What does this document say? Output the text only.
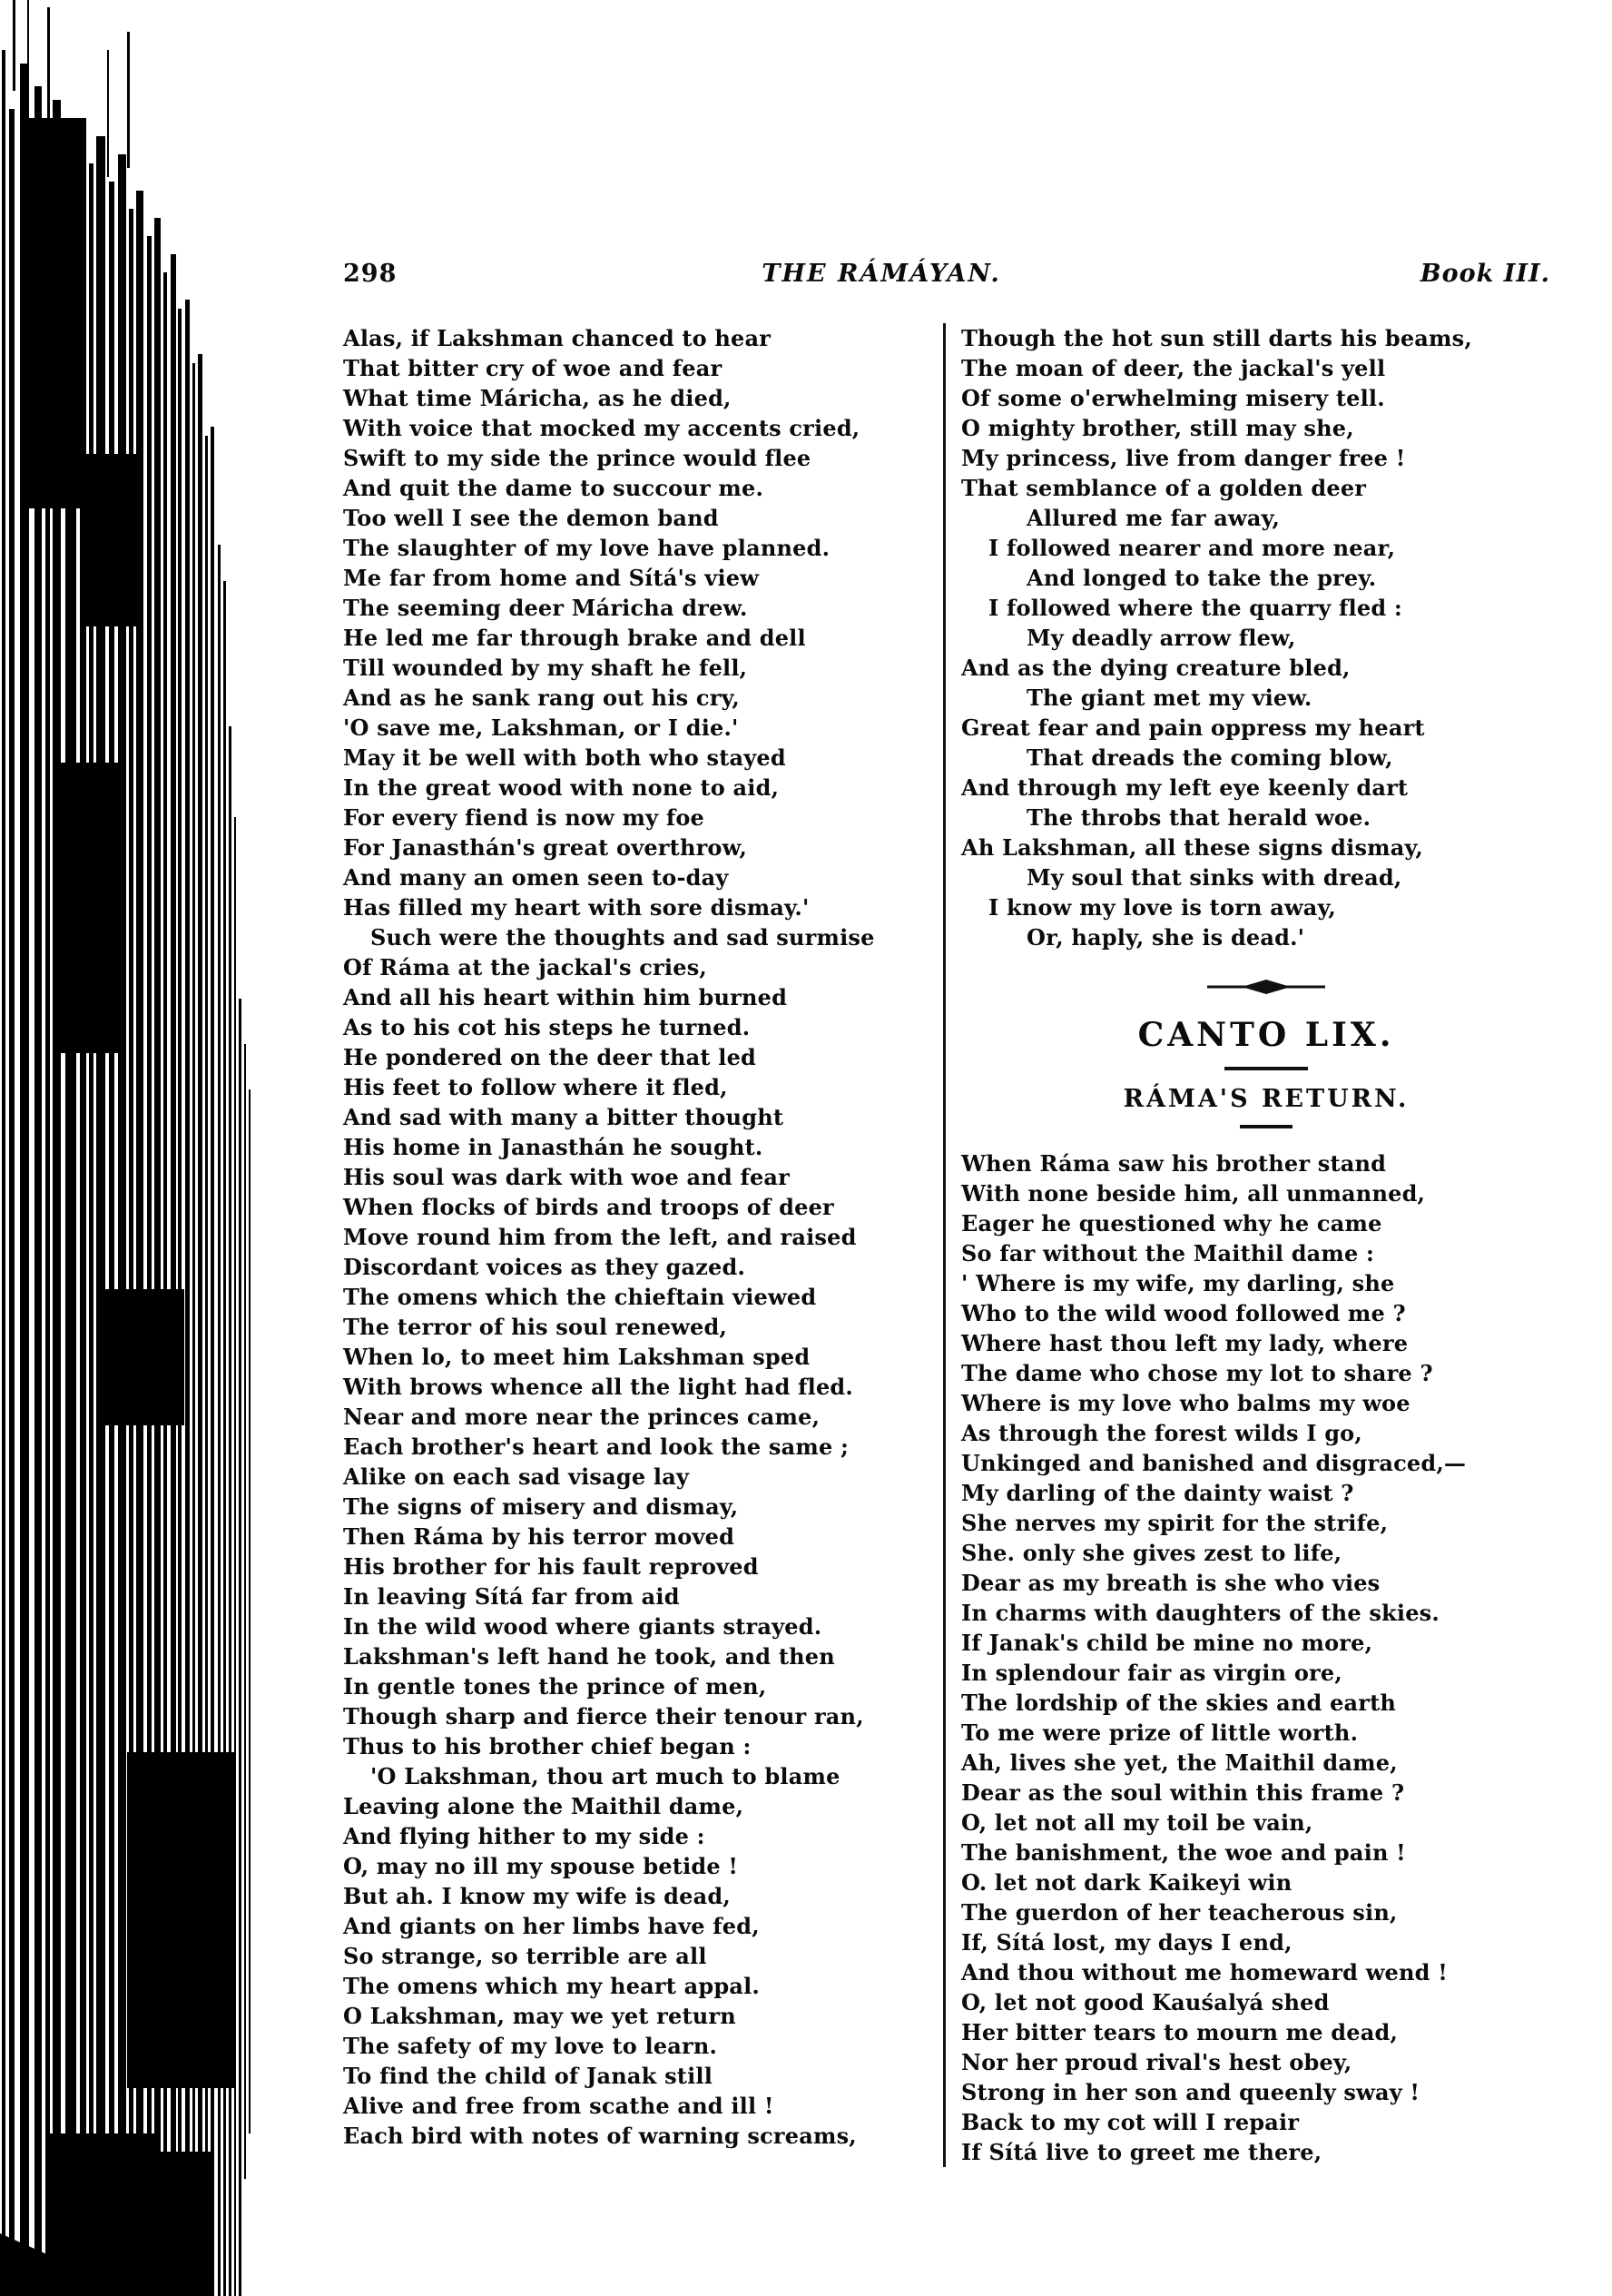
298	THE RÁMÁYAN.	Book III.
Alas, if Lakshman chanced to hear
That bitter cry of woe and fear
What time Máricha, as he died,
With voice that mocked my accents cried,
Swift to my side the prince would flee
And quit the dame to succour me.
Too well I see the demon band
The slaughter of my love have planned.
Me far from home and Sítá's view
The seeming deer Máricha drew.
He led me far through brake and dell
Till wounded by my shaft he fell,
And as he sank rang out his cry,
'O save me, Lakshman, or I die.'
May it be well with both who stayed
In the great wood with none to aid,
For every fiend is now my foe
For Janasthán's great overthrow,
And many an omen seen to-day
Has filled my heart with sore dismay.'
Such were the thoughts and sad surmise
Of Ráma at the jackal's cries,
And all his heart within him burned
As to his cot his steps he turned.
He pondered on the deer that led
His feet to follow where it fled,
And sad with many a bitter thought
His home in Janasthán he sought.
His soul was dark with woe and fear
When flocks of birds and troops of deer
Move round him from the left, and raised
Discordant voices as they gazed.
The omens which the chieftain viewed
The terror of his soul renewed,
When lo, to meet him Lakshman sped
With brows whence all the light had fled.
Near and more near the princes came,
Each brother's heart and look the same ;
Alike on each sad visage lay
The signs of misery and dismay,
Then Ráma by his terror moved
His brother for his fault reproved
In leaving Sítá far from aid
In the wild wood where giants strayed.
Lakshman's left hand he took, and then
In gentle tones the prince of men,
Though sharp and fierce their tenour ran,
Thus to his brother chief began :
'O Lakshman, thou art much to blame
Leaving alone the Maithil dame,
And flying hither to my side :
O, may no ill my spouse betide !
But ah. I know my wife is dead,
And giants on her limbs have fed,
So strange, so terrible are all
The omens which my heart appal.
O Lakshman, may we yet return
The safety of my love to learn.
To find the child of Janak still
Alive and free from scathe and ill !
Each bird with notes of warning screams,
Though the hot sun still darts his beams,
The moan of deer, the jackal's yell
Of some o'erwhelming misery tell.
O mighty brother, still may she,
My princess, live from danger free !
That semblance of a golden deer
Allured me far away,
I followed nearer and more near,
And longed to take the prey.
I followed where the quarry fled :
My deadly arrow flew,
And as the dying creature bled,
The giant met my view.
Great fear and pain oppress my heart
That dreads the coming blow,
And through my left eye keenly dart
The throbs that herald woe.
Ah Lakshman, all these signs dismay,
My soul that sinks with dread,
I know my love is torn away,
Or, haply, she is dead.'
CANTO LIX.
RÁMA'S RETURN.
When Ráma saw his brother stand
With none beside him, all unmanned,
Eager he questioned why he came
So far without the Maithil dame :
' Where is my wife, my darling, she
Who to the wild wood followed me ?
Where hast thou left my lady, where
The dame who chose my lot to share ?
Where is my love who balms my woe
As through the forest wilds I go,
Unkinged and banished and disgraced,—
My darling of the dainty waist ?
She nerves my spirit for the strife,
She. only she gives zest to life,
Dear as my breath is she who vies
In charms with daughters of the skies.
If Janak's child be mine no more,
In splendour fair as virgin ore,
The lordship of the skies and earth
To me were prize of little worth.
Ah, lives she yet, the Maithil dame,
Dear as the soul within this frame ?
O, let not all my toil be vain,
The banishment, the woe and pain !
O. let not dark Kaikeyi win
The guerdon of her teacherous sin,
If, Sítá lost, my days I end,
And thou without me homeward wend !
O, let not good Kauśalyá shed
Her bitter tears to mourn me dead,
Nor her proud rival's hest obey,
Strong in her son and queenly sway !
Back to my cot will I repair
If Sítá live to greet me there,
